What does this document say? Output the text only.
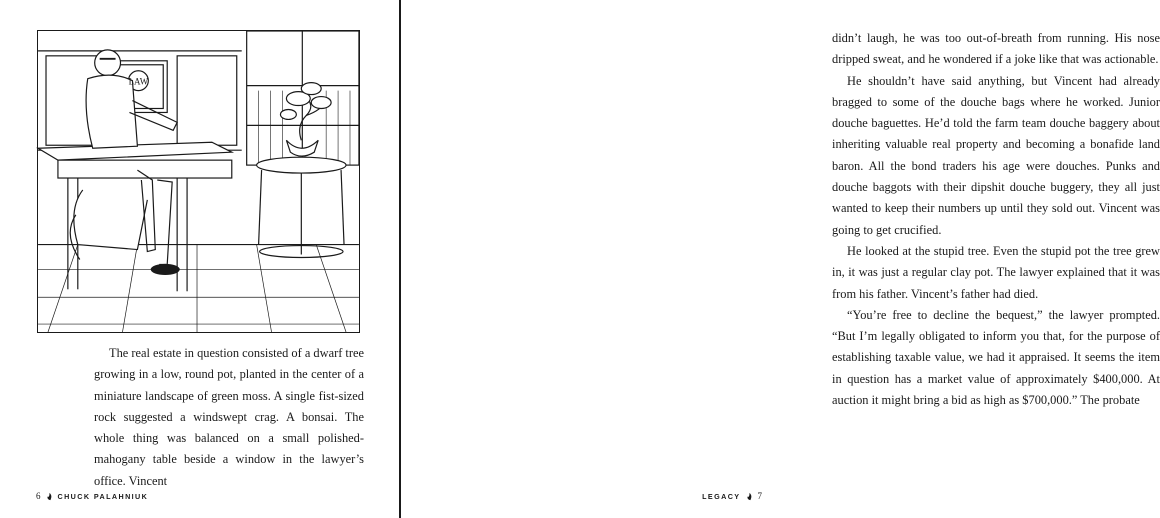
LAW

The real estate in question consisted of a dwarf tree growing in a low, round pot, planted in the center of a miniature landscape of green moss. A single fist-sized rock suggested a windswept crag. A bonsai. The whole thing was balanced on a small polished-mahogany table beside a window in the lawyer’s office. Vincent

6 CHUCK PALAHNIUK

didn’t laugh, he was too out-of-breath from running. His nose dripped sweat, and he wondered if a joke like that was actionable.

He shouldn’t have said anything, but Vincent had already bragged to some of the douche bags where he worked. Junior douche baguettes. He’d told the farm team douche baggery about inheriting valuable real property and becoming a bonafide land baron. All the bond traders his age were douches. Punks and douche baggots with their dipshit douche buggery, they all just wanted to keep their numbers up until they sold out. Vincent was going to get crucified.

He looked at the stupid tree. Even the stupid pot the tree grew in, it was just a regular clay pot. The lawyer explained that it was from his father. Vincent’s father had died.

“You’re free to decline the bequest,” the lawyer prompted. “But I’m legally obligated to inform you that, for the purpose of establishing taxable value, we had it appraised. It seems the item in question has a market value of approximately $400,000. At auction it might bring a bid as high as $700,000.” The probate

LEGACY 7
